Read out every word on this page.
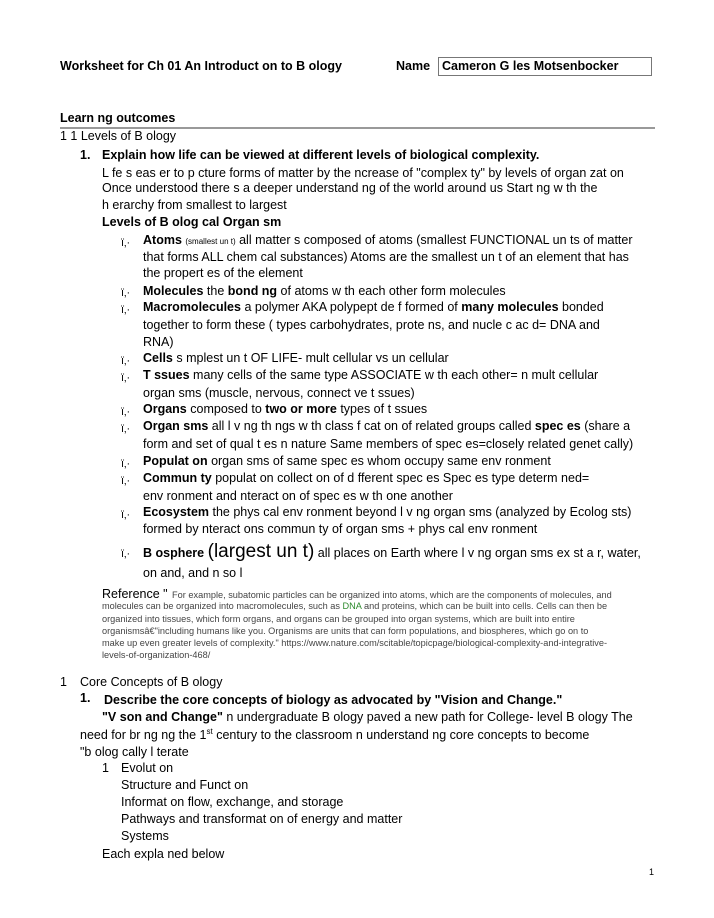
Worksheet for Ch 01 An Introduct on to B ology	Name Cameron G les Motsenbocker
Learn ng outcomes
1 1 Levels of B ology
1. Explain how life can be viewed at different levels of biological complexity.
L fe s eas er to p cture forms of matter by the ncrease of "complex ty" by levels of organ zat on
Once understood there s a deeper understand ng of the world around us Start ng w th the
h erarchy from smallest to largest
Levels of B olog cal Organ sm
ï‚·
ï‚·
ï‚·
ï‚·
ï‚·
ï‚·
ï‚·
ï‚·
ï‚·
ï‚·
ï‚·
Atoms (smallest un t) all matter s composed of atoms (smallest FUNCTIONAL un ts of matter
that forms ALL chem cal substances) Atoms are the smallest un t of an element that has
the propert es of the element
Molecules the bond ng of atoms w th each other form molecules
Macromolecules a polymer AKA polypept de f formed of many molecules bonded
together to form these ( types carbohydrates, prote ns, and nucle c ac d= DNA and
RNA)
Cells s mplest un t OF LIFE- mult cellular vs un cellular
T ssues many cells of the same type ASSOCIATE w th each other= n mult cellular
organ sms (muscle, nervous, connect ve t ssues)
Organs composed to two or more types of t ssues
Organ sms all l v ng th ngs w th class f cat on of related groups called spec es (share a
form and set of qual t es n nature Same members of spec es=closely related genet cally)
Populat on organ sms of same spec es whom occupy same env ronment
Commun ty populat on collect on of d fferent spec es Spec es type determ ned=
env ronment and nteract on of spec es w th one another
Ecosystem the phys cal env ronment beyond l v ng organ sms (analyzed by Ecolog sts)
formed by nteract ons commun ty of organ sms + phys cal env ronment
B osphere (largest un t) all places on Earth where l v ng organ sms ex st a r, water,
on and, and n so l
Reference " For example, subatomic particles can be organized into atoms, which are the components of molecules, and
molecules can be organized into macromolecules, such as DNA and proteins, which can be built into cells. Cells can then be
organized into tissues, which form organs, and organs can be grouped into organ systems, which are built into entire
organismsâ€"including humans like you. Organisms are units that can form populations, and biospheres, which go on to
make up even greater levels of complexity." https://www.nature.com/scitable/topicpage/biological-complexity-and-integrative-
levels-of-organization-468/
1 Core Concepts of B ology
1. Describe the core concepts of biology as advocated by "Vision and Change."
"V son and Change" n undergraduate B ology paved a new path for College- level B ology The
need for br ng ng the 1st century to the classroom n understand ng core concepts to become
"b olog cally l terate
1 Evolut on
Structure and Funct on
Informat on flow, exchange, and storage
Pathways and transformat on of energy and matter
Systems
Each expla ned below
1
